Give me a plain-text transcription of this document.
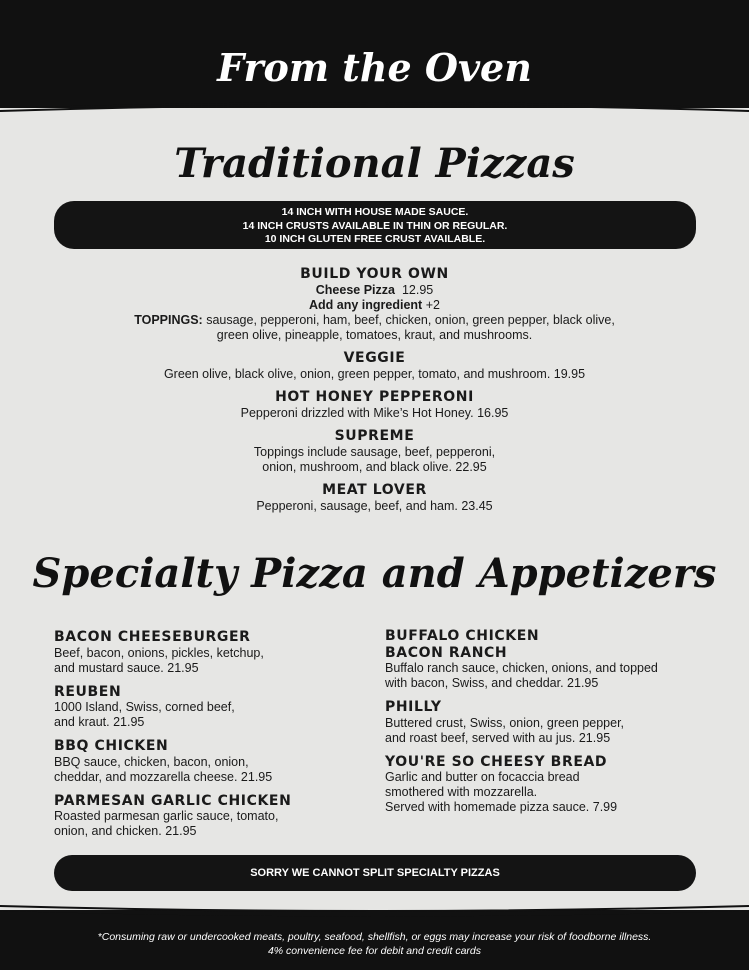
From the Oven
Traditional Pizzas
14 INCH WITH HOUSE MADE SAUCE.
14 INCH CRUSTS AVAILABLE IN THIN OR REGULAR.
10 INCH GLUTEN FREE CRUST AVAILABLE.

BUILD YOUR OWN

Cheese Pizza 12.95

Add any ingredient +2

TOPPINGS: sausage, pepperoni, ham, beef, chicken, onion, green pepper, black olive,

green olive, pineapple, tomatoes, kraut, and mushrooms.

VEGGIE

Green olive, black olive, onion, green pepper, tomato, and mushroom. 19.95

HOT HONEY PEPPERONI

Pepperoni drizzled with Mike’s Hot Honey. 16.95

SUPREME

Toppings include sausage, beef, pepperoni,

onion, mushroom, and black olive. 22.95

MEAT LOVER

Pepperoni, sausage, beef, and ham. 23.45

Specialty Pizza and Appetizers

BACON CHEESEBURGER

Beef, bacon, onions, pickles, ketchup,

and mustard sauce. 21.95

REUBEN

1000 Island, Swiss, corned beef,

and kraut. 21.95

BBQ CHICKEN

BBQ sauce, chicken, bacon, onion,

cheddar, and mozzarella cheese. 21.95

PARMESAN GARLIC CHICKEN

Roasted parmesan garlic sauce, tomato,

onion, and chicken. 21.95

BUFFALO CHICKEN

BACON RANCH

Buffalo ranch sauce, chicken, onions, and topped

with bacon, Swiss, and cheddar. 21.95

PHILLY

Buttered crust, Swiss, onion, green pepper,

and roast beef, served with au jus. 21.95

YOU'RE SO CHEESY BREAD

Garlic and butter on focaccia bread

smothered with mozzarella.

Served with homemade pizza sauce. 7.99

SORRY WE CANNOT SPLIT SPECIALTY PIZZAS
*Consuming raw or undercooked meats, poultry, seafood, shellfish, or eggs may increase your risk of foodborne illness.
4% convenience fee for debit and credit cards
